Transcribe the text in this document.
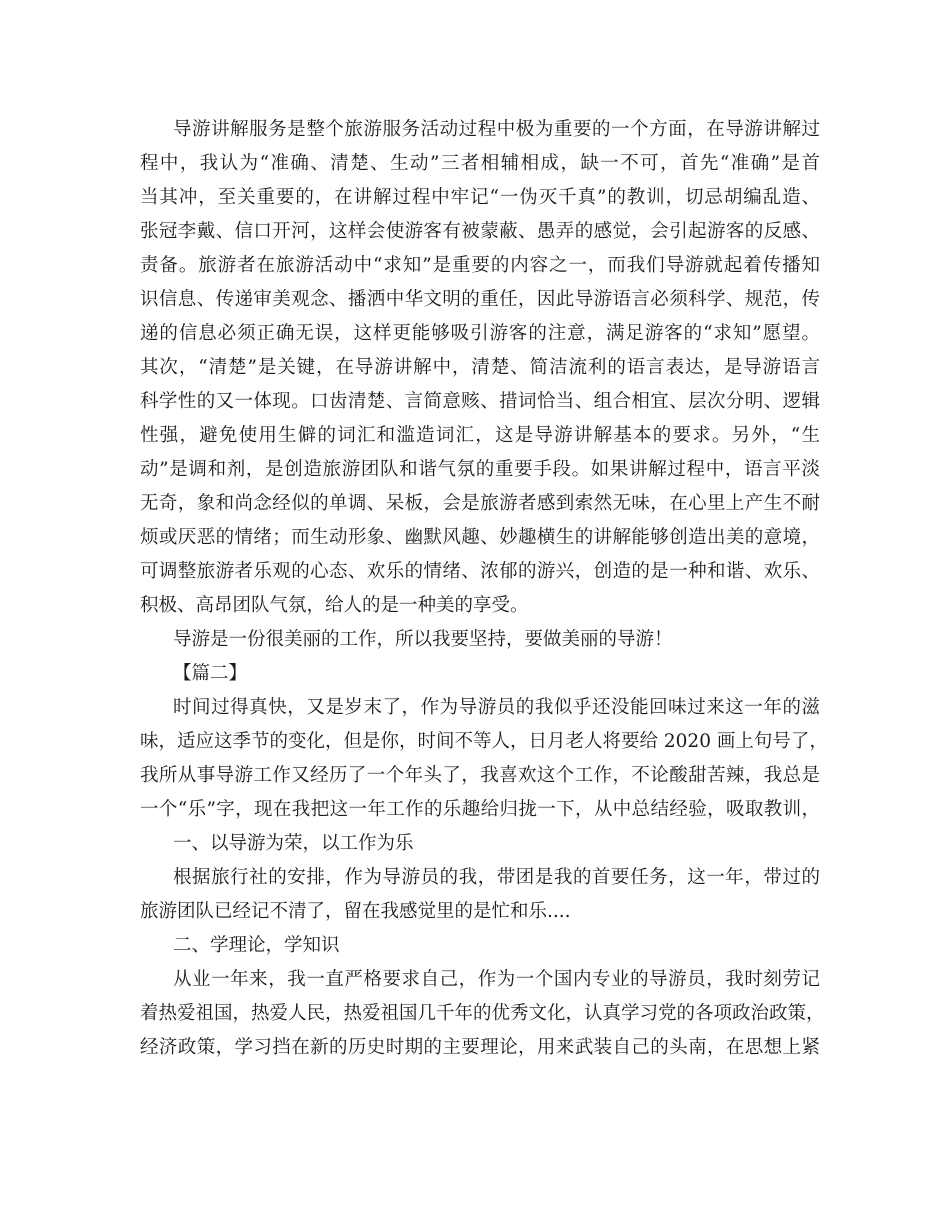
导游讲解服务是整个旅游服务活动过程中极为重要的一个方面，在导游讲解过
程中，我认为“准确、清楚、生动”三者相辅相成，缺一不可，首先“准确”是首
当其冲，至关重要的，在讲解过程中牢记“一伪灭千真”的教训，切忌胡编乱造、
张冠李戴、信口开河，这样会使游客有被蒙蔽、愚弄的感觉，会引起游客的反感、
责备。旅游者在旅游活动中“求知”是重要的内容之一，而我们导游就起着传播知
识信息、传递审美观念、播洒中华文明的重任，因此导游语言必须科学、规范，传
递的信息必须正确无误，这样更能够吸引游客的注意，满足游客的“求知”愿望。
其次，“清楚”是关键，在导游讲解中，清楚、简洁流利的语言表达，是导游语言
科学性的又一体现。口齿清楚、言简意赅、措词恰当、组合相宜、层次分明、逻辑
性强，避免使用生僻的词汇和滥造词汇，这是导游讲解基本的要求。另外，“生
动”是调和剂，是创造旅游团队和谐气氛的重要手段。如果讲解过程中，语言平淡
无奇，象和尚念经似的单调、呆板，会是旅游者感到索然无味，在心里上产生不耐
烦或厌恶的情绪；而生动形象、幽默风趣、妙趣横生的讲解能够创造出美的意境，
可调整旅游者乐观的心态、欢乐的情绪、浓郁的游兴，创造的是一种和谐、欢乐、
积极、高昂团队气氛，给人的是一种美的享受。
导游是一份很美丽的工作，所以我要坚持，要做美丽的导游！
【篇二】
时间过得真快，又是岁末了，作为导游员的我似乎还没能回味过来这一年的滋
味，适应这季节的变化，但是你，时间不等人，日月老人将要给 2020 画上句号了，
我所从事导游工作又经历了一个年头了，我喜欢这个工作，不论酸甜苦辣，我总是
一个“乐”字，现在我把这一年工作的乐趣给归拢一下，从中总结经验，吸取教训，
一、以导游为荣，以工作为乐
根据旅行社的安排，作为导游员的我，带团是我的首要任务，这一年，带过的
旅游团队已经记不清了，留在我感觉里的是忙和乐....
二、学理论，学知识
从业一年来，我一直严格要求自己，作为一个国内专业的导游员，我时刻劳记
着热爱祖国，热爱人民，热爱祖国几千年的优秀文化，认真学习党的各项政治政策，
经济政策，学习挡在新的历史时期的主要理论，用来武装自己的头南，在思想上紧
